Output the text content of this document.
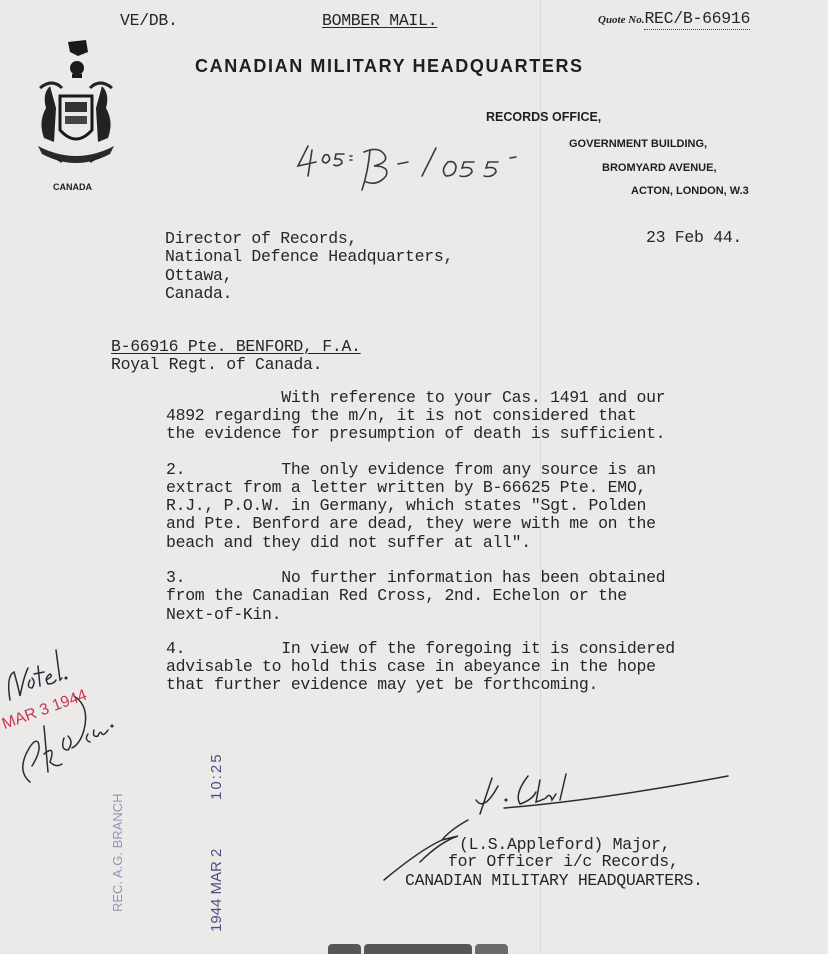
VE/DB.	BOMBER MAIL.	Quote No.REC/B-66916
CANADA
CANADIAN MILITARY HEADQUARTERS
RECORDS OFFICE,
GOVERNMENT BUILDING,
BROMYARD AVENUE,
ACTON, LONDON, W.3
23 Feb 44.
Director of Records,
National Defence Headquarters,
Ottawa,
Canada.
B-66916 Pte. BENFORD, F.A.
Royal Regt. of Canada.
With reference to your Cas. 1491 and our
4892 regarding the m/n, it is not considered that
the evidence for presumption of death is sufficient.
2.          The only evidence from any source is an
extract from a letter written by B-66625 Pte. EMO,
R.J., P.O.W. in Germany, which states "Sgt. Polden
and Pte. Benford are dead, they were with me on the
beach and they did not suffer at all".
3.          No further information has been obtained
from the Canadian Red Cross, 2nd. Echelon or the
Next-of-Kin.
4.          In view of the foregoing it is considered
advisable to hold this case in abeyance in the hope
that further evidence may yet be forthcoming.
MAR 3 1944
REC. A.G. BRANCH	1944 MAR 2
10:25
(L.S.Appleford) Major,
for Officer i/c Records,
CANADIAN MILITARY HEADQUARTERS.
